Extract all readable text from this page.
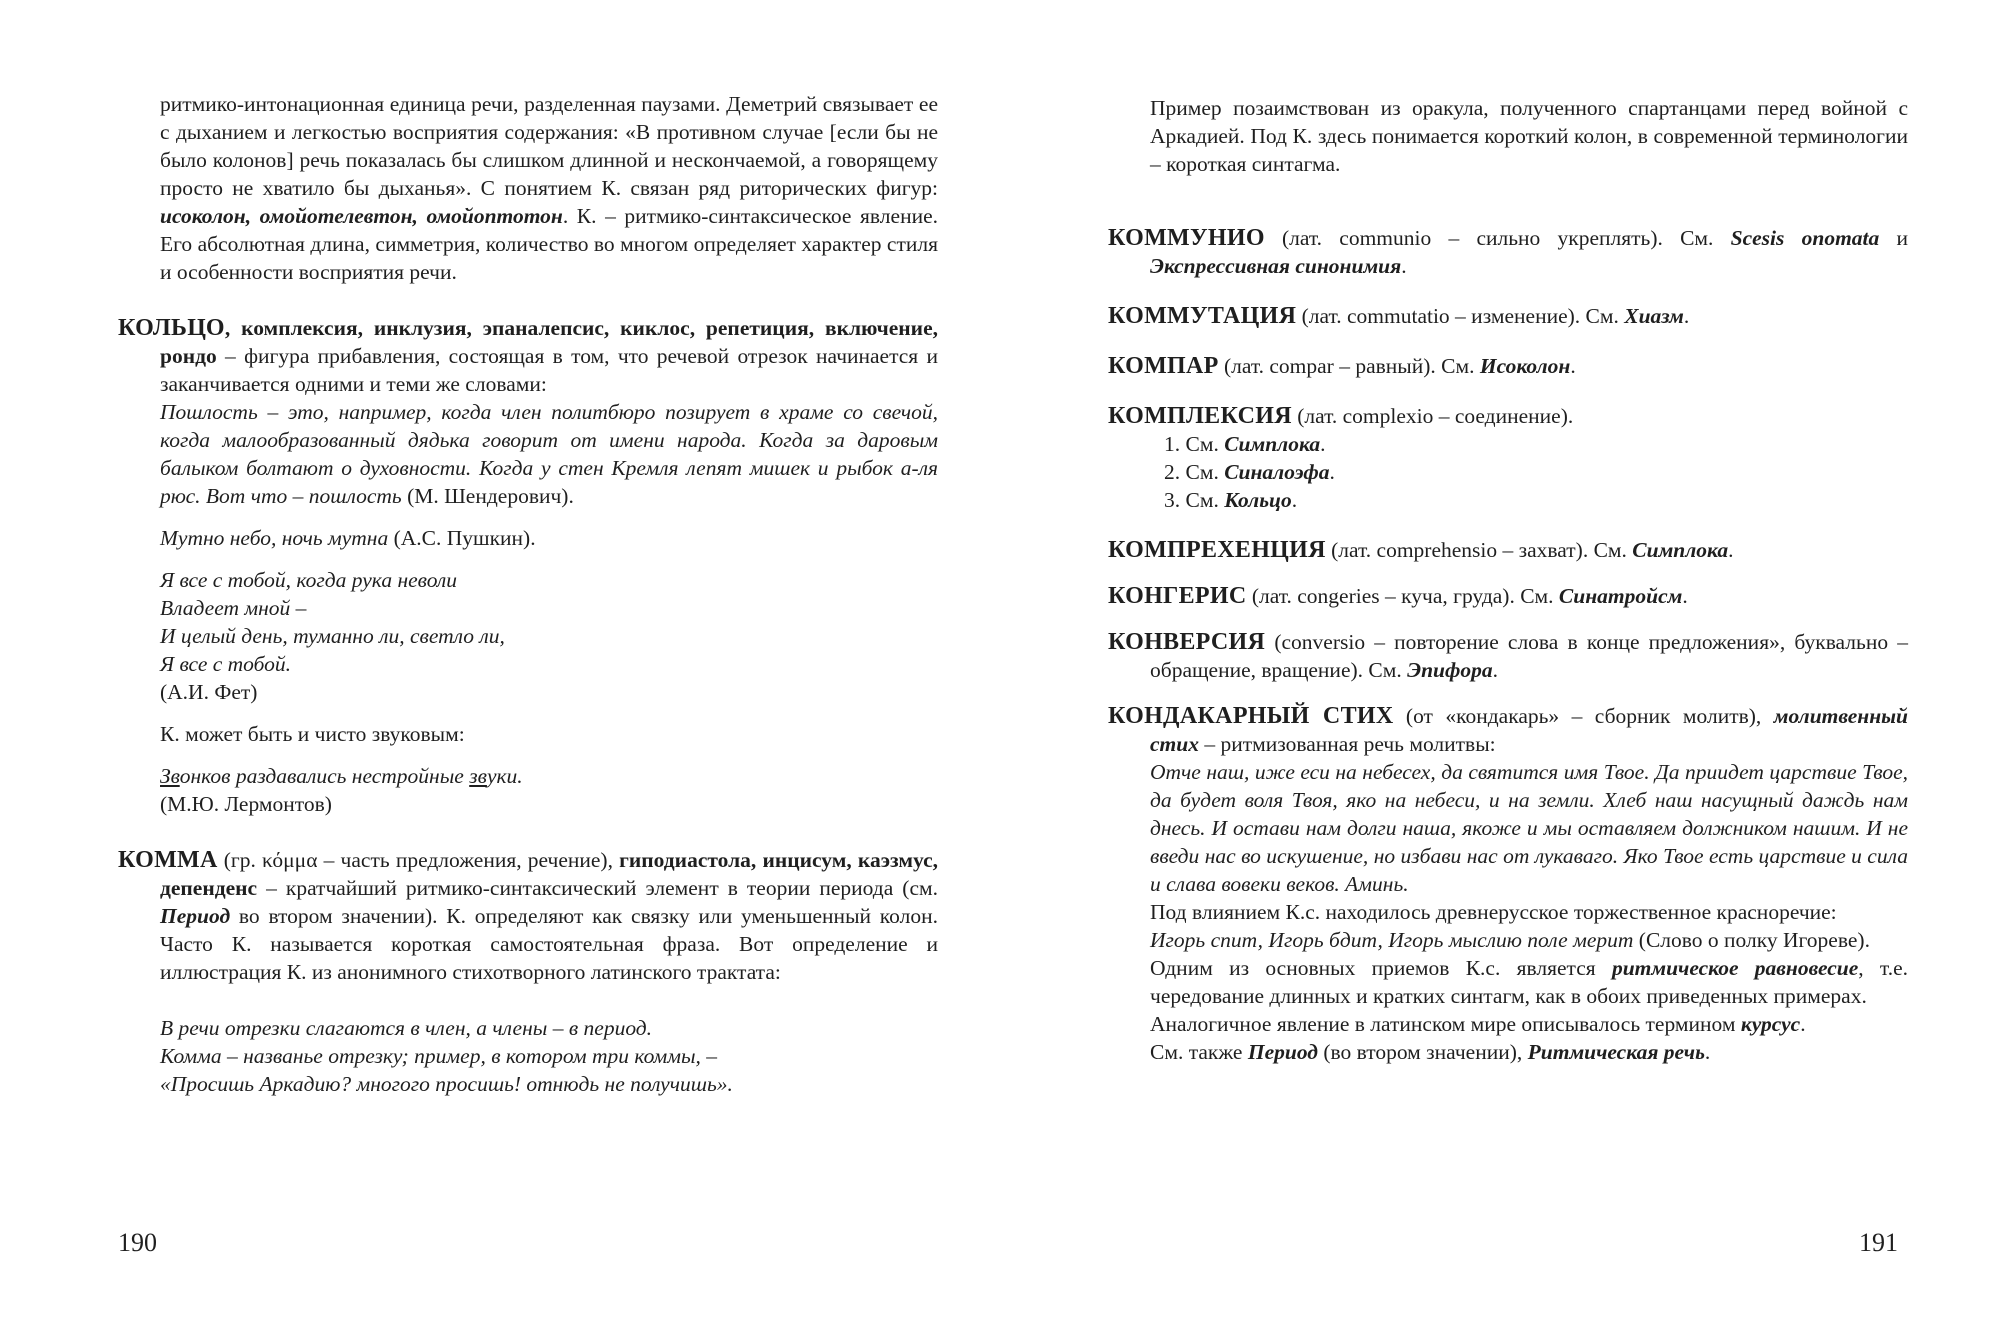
ритмико-интонационная единица речи, разделенная паузами. Деметрий связывает ее с дыханием и легкостью восприятия содержания: «В противном случае [если бы не было колонов] речь показалась бы слишком длинной и нескончаемой, а говорящему просто не хватило бы дыханья». С понятием К. связан ряд риторических фигур: исоколон, омойотелевтон, омойоптотон. К. – ритмико-синтаксическое явление. Его абсолютная длина, симметрия, количество во многом определяет характер стиля и особенности восприятия речи.

КОЛЬЦО, комплексия, инклузия, эпаналепсис, киклос, репетиция, включение, рондо – фигура прибавления, состоящая в том, что речевой отрезок начинается и заканчивается одними и теми же словами:

Пошлость – это, например, когда член политбюро позирует в храме со свечой, когда малообразованный дядька говорит от имени народа. Когда за даровым балыком болтают о духовности. Когда у стен Кремля лепят мишек и рыбок а-ля рюс. Вот что – пошлость (М. Шендерович).

Мутно небо, ночь мутна (А.С. Пушкин).

Я все с тобой, когда рука неволи
Владеет мной –
И целый день, туманно ли, светло ли,
Я все с тобой.
(А.И. Фет)

К. может быть и чисто звуковым:

Звонков раздавались нестройные звуки.
(М.Ю. Лермонтов)

КОММА (гр. κόμμα – часть предложения, речение), гиподиастола, инцисум, каэзмус, депенденс – кратчайший ритмико-синтаксический элемент в теории периода (см. Период во втором значении). К. определяют как связку или уменьшенный колон. Часто К. называется короткая самостоятельная фраза. Вот определение и иллюстрация К. из анонимного стихотворного латинского трактата:

В речи отрезки слагаются в член, а члены – в период.
Комма – названье отрезку; пример, в котором три коммы, –
«Просишь Аркадию? многого просишь! отнюдь не получишь».
190

Пример позаимствован из оракула, полученного спартанцами перед войной с Аркадией. Под К. здесь понимается короткий колон, в современной терминологии – короткая синтагма.

КОММУНИО (лат. communio – сильно укреплять). См. Scesis onomata и Экспрессивная синонимия.

КОММУТАЦИЯ (лат. commutatio – изменение). См. Хиазм.

КОМПАР (лат. compar – равный). См. Исоколон.

КОМПЛЕКСИЯ (лат. complexio – соединение).

1. См. Симплока.
2. См. Синалоэфа.
3. См. Кольцо.

КОМПРЕХЕНЦИЯ (лат. comprehensio – захват). См. Симплока.

КОНГЕРИС (лат. congeries – куча, груда). См. Синатройсм.

КОНВЕРСИЯ (conversio – повторение слова в конце предложения», буквально – обращение, вращение). См. Эпифора.

КОНДАКАРНЫЙ СТИХ (от «кондакарь» – сборник молитв), молитвенный стих – ритмизованная речь молитвы:

Отче наш, иже еси на небесех, да святится имя Твое. Да приидет царствие Твое, да будет воля Твоя, яко на небеси, и на земли. Хлеб наш насущный даждь нам днесь. И остави нам долги наша, якоже и мы оставляем должником нашим. И не введи нас во искушение, но избави нас от лукаваго. Яко Твое есть царствие и сила и слава вовеки веков. Аминь.

Под влиянием К.с. находилось древнерусское торжественное красноречие:

Игорь спит, Игорь бдит, Игорь мыслию поле мерит (Слово о полку Игореве).

Одним из основных приемов К.с. является ритмическое равновесие, т.е. чередование длинных и кратких синтагм, как в обоих приведенных примерах.

Аналогичное явление в латинском мире описывалось термином курсус.

См. также Период (во втором значении), Ритмическая речь.

191
